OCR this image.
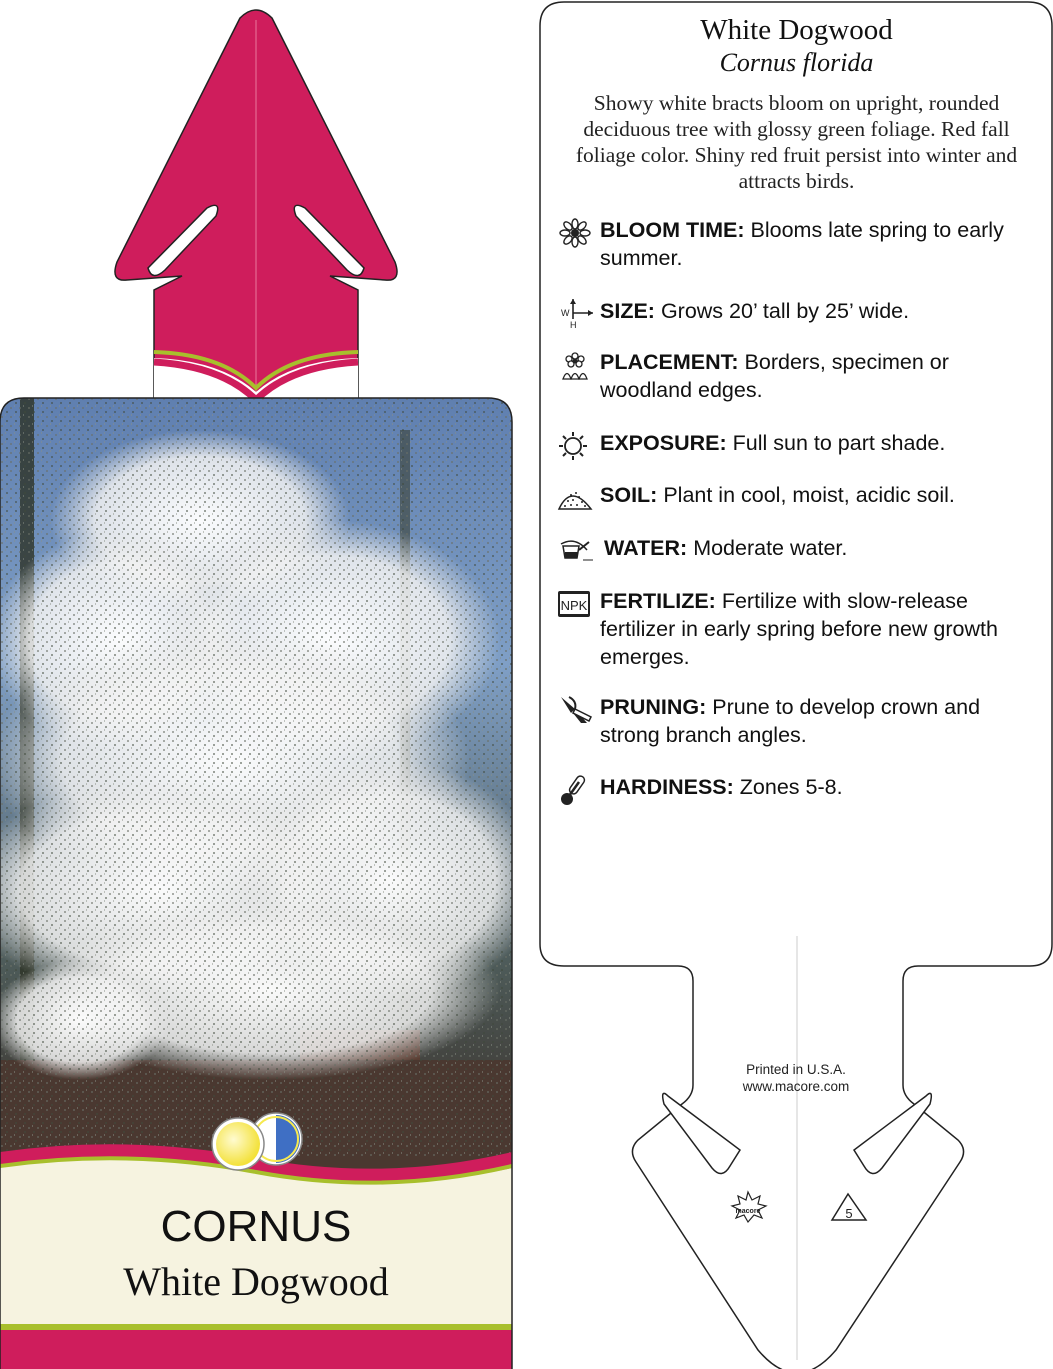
CORNUS
White Dogwood
macore	5
White Dogwood
Cornus florida
Showy white bracts bloom on upright, rounded deciduous tree with glossy green foliage. Red fall foliage color. Shiny red fruit persist into winter and attracts birds.
BLOOM TIME: Blooms late spring to early summer.
W
H
SIZE: Grows 20’ tall by 25’ wide.
PLACEMENT: Borders, specimen or woodland edges.
EXPOSURE: Full sun to part shade.
SOIL: Plant in cool, moist, acidic soil.
WATER: Moderate water.
NPK FERTILIZE: Fertilize with slow-release fertilizer in early spring before new growth emerges.
PRUNING: Prune to develop crown and strong branch angles.
HARDINESS: Zones 5-8.
Printed in U.S.A.
www.macore.com
